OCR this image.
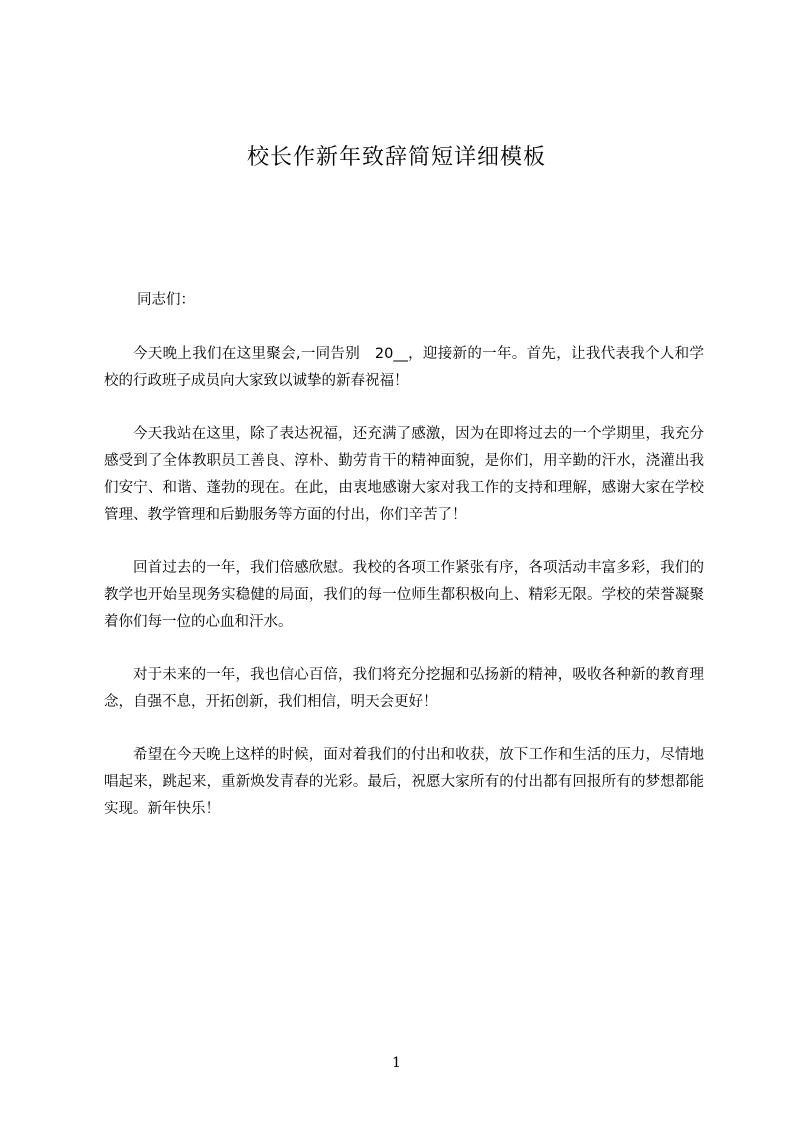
校长作新年致辞简短详细模板

同志们：

今天晚上我们在这里聚会,一同告别　20__，迎接新的一年。首先，让我代表我个人和学校的行政班子成员向大家致以诚挚的新春祝福！

今天我站在这里，除了表达祝福，还充满了感激，因为在即将过去的一个学期里，我充分感受到了全体教职员工善良、淳朴、勤劳肯干的精神面貌，是你们，用辛勤的汗水，浇灌出我们安宁、和谐、蓬勃的现在。在此，由衷地感谢大家对我工作的支持和理解，感谢大家在学校管理、教学管理和后勤服务等方面的付出，你们辛苦了！

回首过去的一年，我们倍感欣慰。我校的各项工作紧张有序，各项活动丰富多彩，我们的教学也开始呈现务实稳健的局面，我们的每一位师生都积极向上、精彩无限。学校的荣誉凝聚着你们每一位的心血和汗水。

对于未来的一年，我也信心百倍，我们将充分挖掘和弘扬新的精神，吸收各种新的教育理念，自强不息，开拓创新，我们相信，明天会更好！

希望在今天晚上这样的时候，面对着我们的付出和收获，放下工作和生活的压力，尽情地唱起来，跳起来，重新焕发青春的光彩。最后，祝愿大家所有的付出都有回报所有的梦想都能实现。新年快乐！

1
